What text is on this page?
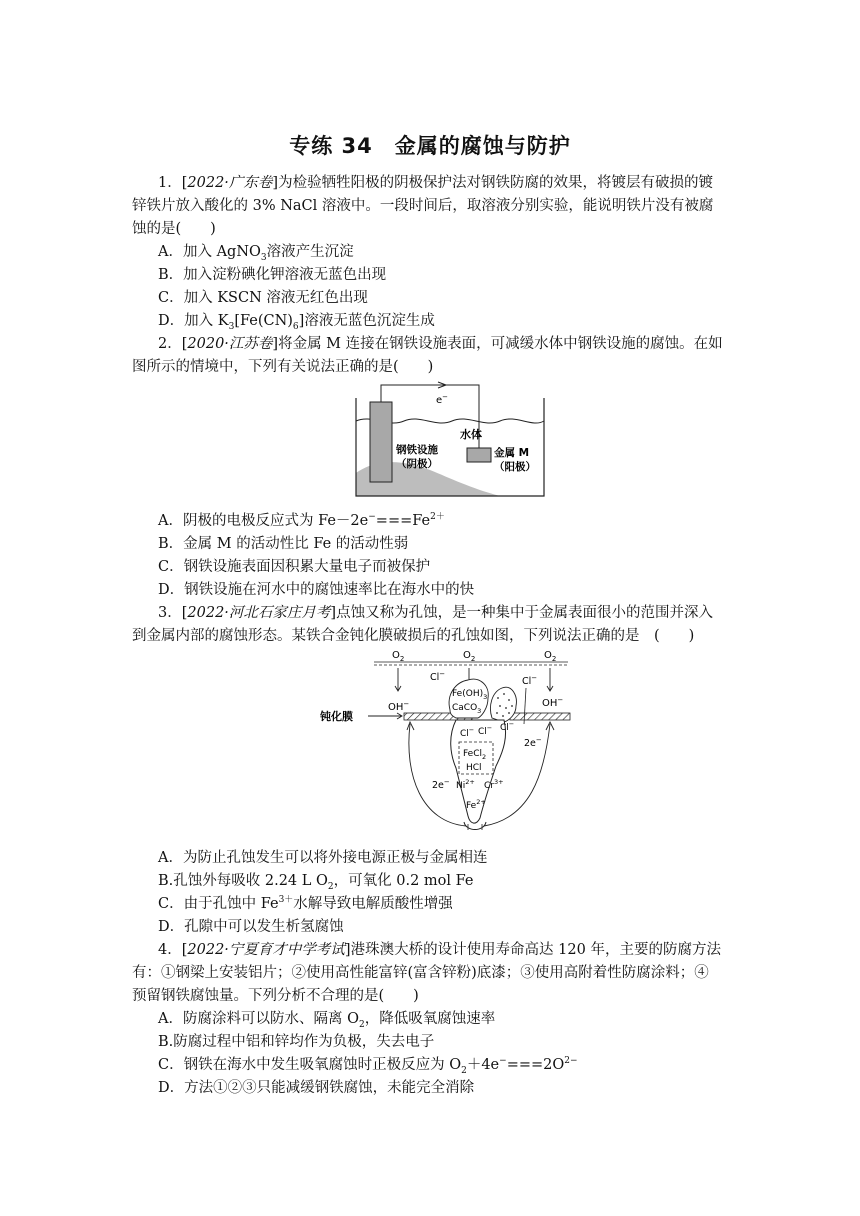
专练 34　金属的腐蚀与防护
1．[2022·广东卷]为检验牺牲阳极的阴极保护法对钢铁防腐的效果，将镀层有破损的镀
锌铁片放入酸化的 3% NaCl 溶液中。一段时间后，取溶液分别实验，能说明铁片没有被腐
蚀的是(　　)
A．加入 AgNO$_3$溶液产生沉淀
B．加入淀粉碘化钾溶液无蓝色出现
C．加入 KSCN 溶液无红色出现
D．加入 $K_3[Fe(CN)_6]$溶液无蓝色沉淀生成
2．[2020·江苏卷]将金属 M 连接在钢铁设施表面，可减缓水体中钢铁设施的腐蚀。在如
图所示的情境中，下列有关说法正确的是(　　)
e−
水体
钢铁设施
（阴极）
金属 M
（阳极）
A．阴极的电极反应式为 $Fe-2e^-===Fe^{2+}$
B．金属 M 的活动性比 Fe 的活动性弱
C．钢铁设施表面因积累大量电子而被保护
D．钢铁设施在河水中的腐蚀速率比在海水中的快
3．[2022·河北石家庄月考]点蚀又称为孔蚀，是一种集中于金属表面很小的范围并深入
到金属内部的腐蚀形态。某铁合金钝化膜破损后的孔蚀如图，下列说法正确的是　(　　)
$O_2$	$O_2$	$O_2$
钝化膜
OH−	OH−
$Fe(OH)_3$
CaCO$_3$
Cl−
Cl−
Cl− Cl− Cl−
FeCl$_2$
HCl
$Ni^{2+}$ $Cr^{3+}$
$Fe^{2+}$
2e−
2e−
A．为防止孔蚀发生可以将外接电源正极与金属相连
B.孔蚀外每吸收 2.24 L $O_2$，可氧化 0.2 mol Fe
C．由于孔蚀中 $Fe^{3+}$水解导致电解质酸性增强
D．孔隙中可以发生析氢腐蚀
4．[2022·宁夏育才中学考试]港珠澳大桥的设计使用寿命高达 120 年，主要的防腐方法
有：①钢梁上安装铝片；②使用高性能富锌(富含锌粉)底漆；③使用高附着性防腐涂料；④
预留钢铁腐蚀量。下列分析不合理的是(　　)
A．防腐涂料可以防水、隔离 $O_2$，降低吸氧腐蚀速率
B.防腐过程中铝和锌均作为负极，失去电子
C．钢铁在海水中发生吸氧腐蚀时正极反应为 $O_2+4e^-===2O^{2-}$
D．方法①②③只能减缓钢铁腐蚀，未能完全消除
